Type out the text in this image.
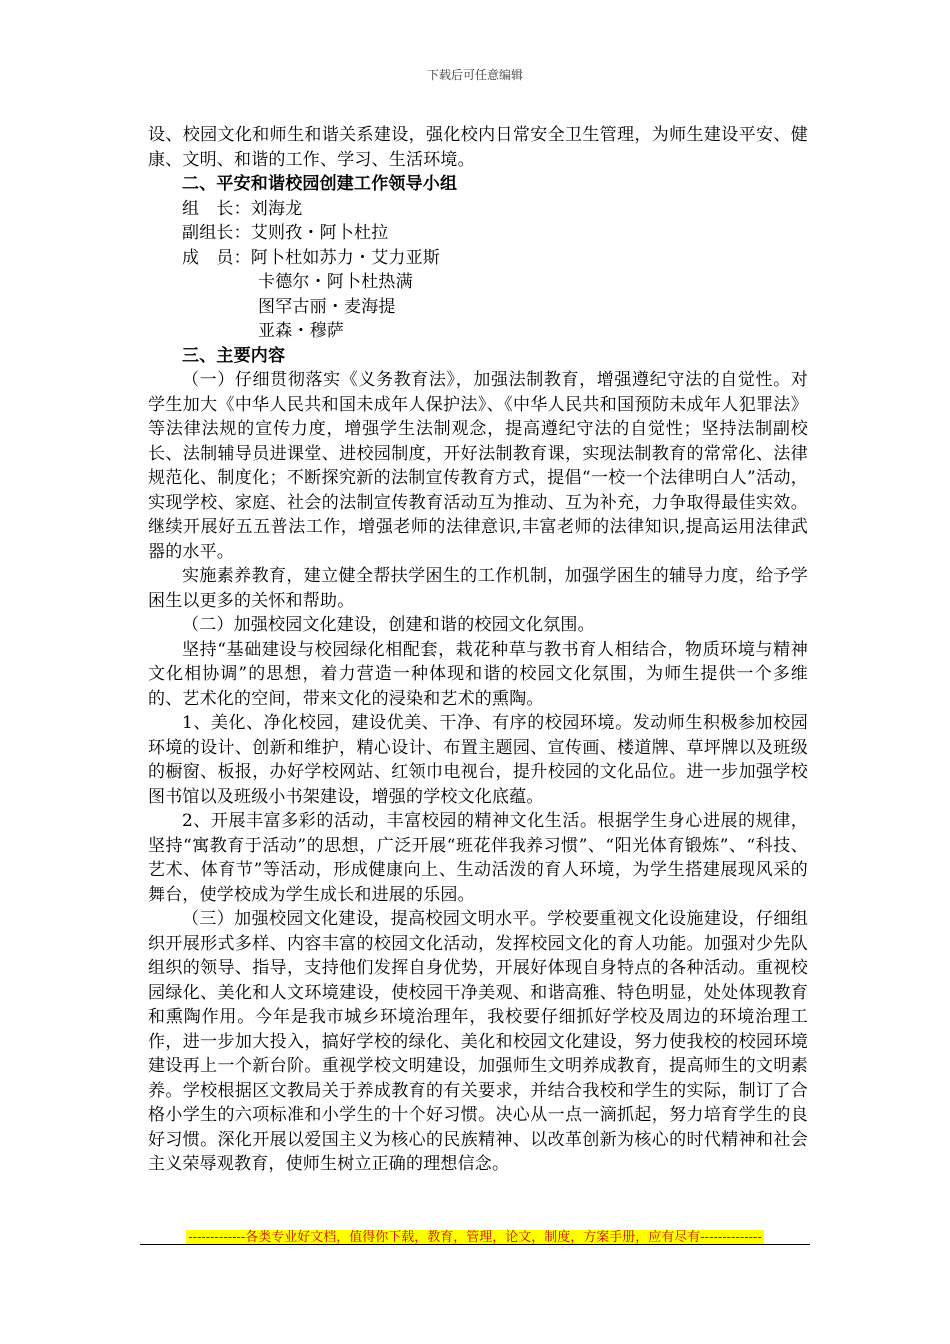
下载后可任意编辑

设、校园文化和师生和谐关系建设，强化校内日常安全卫生管理，为师生建设平安、健康、文明、和谐的工作、学习、生活环境。

二、平安和谐校园创建工作领导小组

组　长：刘海龙

副组长：艾则孜・阿卜杜拉

成　员：阿卜杜如苏力・艾力亚斯

卡德尔・阿卜杜热满

图罕古丽・麦海提

亚森・穆萨

三、主要内容

（一）仔细贯彻落实《义务教育法》，加强法制教育，增强遵纪守法的自觉性。对学生加大《中华人民共和国未成年人保护法》、《中华人民共和国预防未成年人犯罪法》等法律法规的宣传力度，增强学生法制观念，提高遵纪守法的自觉性；坚持法制副校长、法制辅导员进课堂、进校园制度，开好法制教育课，实现法制教育的常常化、法律规范化、制度化；不断探究新的法制宣传教育方式，提倡“一校一个法律明白人”活动，实现学校、家庭、社会的法制宣传教育活动互为推动、互为补充，力争取得最佳实效。继续开展好五五普法工作，增强老师的法律意识,丰富老师的法律知识,提高运用法律武器的水平。

实施素养教育，建立健全帮扶学困生的工作机制，加强学困生的辅导力度，给予学困生以更多的关怀和帮助。

（二）加强校园文化建设，创建和谐的校园文化氛围。

坚持“基础建设与校园绿化相配套，栽花种草与教书育人相结合，物质环境与精神文化相协调”的思想，着力营造一种体现和谐的校园文化氛围，为师生提供一个多维的、艺术化的空间，带来文化的浸染和艺术的熏陶。

1、美化、净化校园，建设优美、干净、有序的校园环境。发动师生积极参加校园环境的设计、创新和维护，精心设计、布置主题园、宣传画、楼道牌、草坪牌以及班级的橱窗、板报，办好学校网站、红领巾电视台，提升校园的文化品位。进一步加强学校图书馆以及班级小书架建设，增强的学校文化底蕴。

2、开展丰富多彩的活动，丰富校园的精神文化生活。根据学生身心进展的规律，坚持“寓教育于活动”的思想，广泛开展“班花伴我养习惯”、“阳光体育锻炼”、“科技、艺术、体育节”等活动，形成健康向上、生动活泼的育人环境，为学生搭建展现风采的舞台，使学校成为学生成长和进展的乐园。

（三）加强校园文化建设，提高校园文明水平。学校要重视文化设施建设，仔细组织开展形式多样、内容丰富的校园文化活动，发挥校园文化的育人功能。加强对少先队组织的领导、指导，支持他们发挥自身优势，开展好体现自身特点的各种活动。重视校园绿化、美化和人文环境建设，使校园干净美观、和谐高雅、特色明显，处处体现教育和熏陶作用。今年是我市城乡环境治理年，我校要仔细抓好学校及周边的环境治理工作，进一步加大投入，搞好学校的绿化、美化和校园文化建设，努力使我校的校园环境建设再上一个新台阶。重视学校文明建设，加强师生文明养成教育，提高师生的文明素养。学校根据区文教局关于养成教育的有关要求，并结合我校和学生的实际，制订了合格小学生的六项标准和小学生的十个好习惯。决心从一点一滴抓起，努力培育学生的良好习惯。深化开展以爱国主义为核心的民族精神、以改革创新为核心的时代精神和社会主义荣辱观教育，使师生树立正确的理想信念。

-------------各类专业好文档，值得你下载，教育，管理，论文，制度，方案手册，应有尽有--------------
